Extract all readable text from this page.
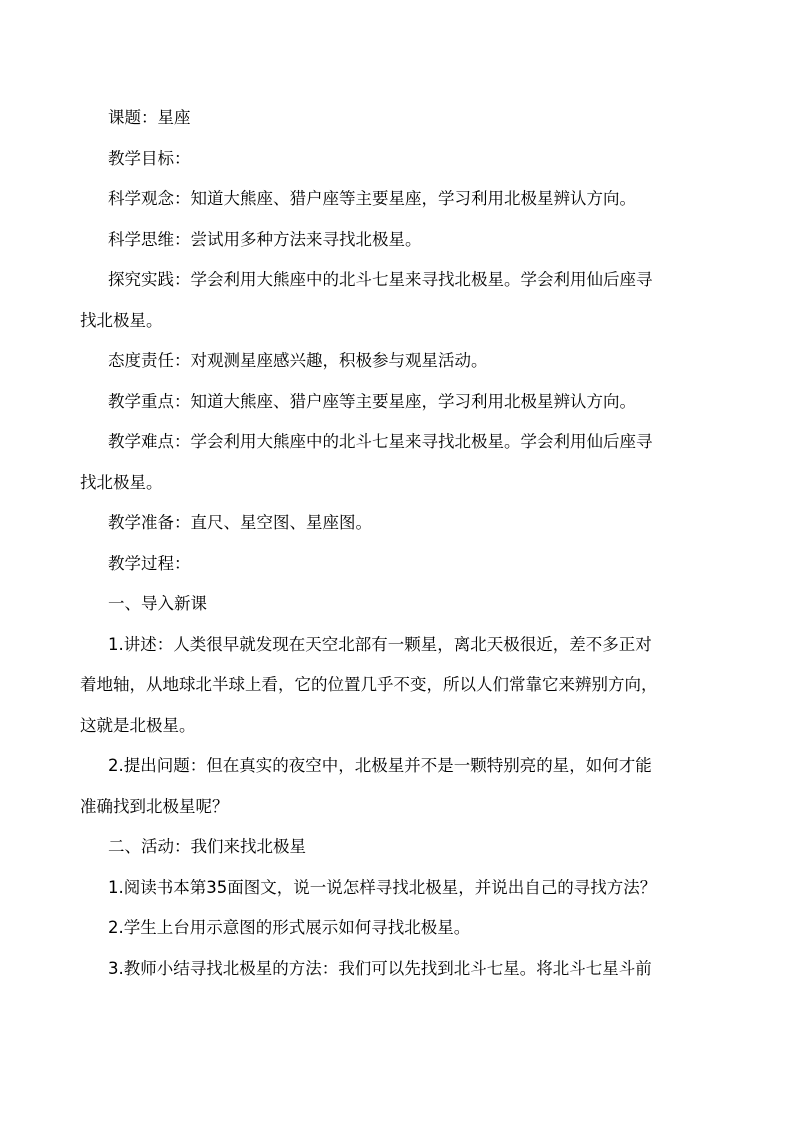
课题：星座
教学目标：
科学观念：知道大熊座、猎户座等主要星座，学习利用北极星辨认方向。
科学思维：尝试用多种方法来寻找北极星。
探究实践：学会利用大熊座中的北斗七星来寻找北极星。学会利用仙后座寻
找北极星。
态度责任：对观测星座感兴趣，积极参与观星活动。
教学重点：知道大熊座、猎户座等主要星座，学习利用北极星辨认方向。
教学难点：学会利用大熊座中的北斗七星来寻找北极星。学会利用仙后座寻
找北极星。
教学准备：直尺、星空图、星座图。
教学过程：
一、导入新课
1.讲述：人类很早就发现在天空北部有一颗星，离北天极很近，差不多正对
着地轴，从地球北半球上看，它的位置几乎不变，所以人们常靠它来辨别方向，
这就是北极星。
2.提出问题：但在真实的夜空中，北极星并不是一颗特别亮的星，如何才能
准确找到北极星呢？
二、活动：我们来找北极星
1.阅读书本第35面图文，说一说怎样寻找北极星，并说出自己的寻找方法？
2.学生上台用示意图的形式展示如何寻找北极星。
3.教师小结寻找北极星的方法：我们可以先找到北斗七星。将北斗七星斗前
